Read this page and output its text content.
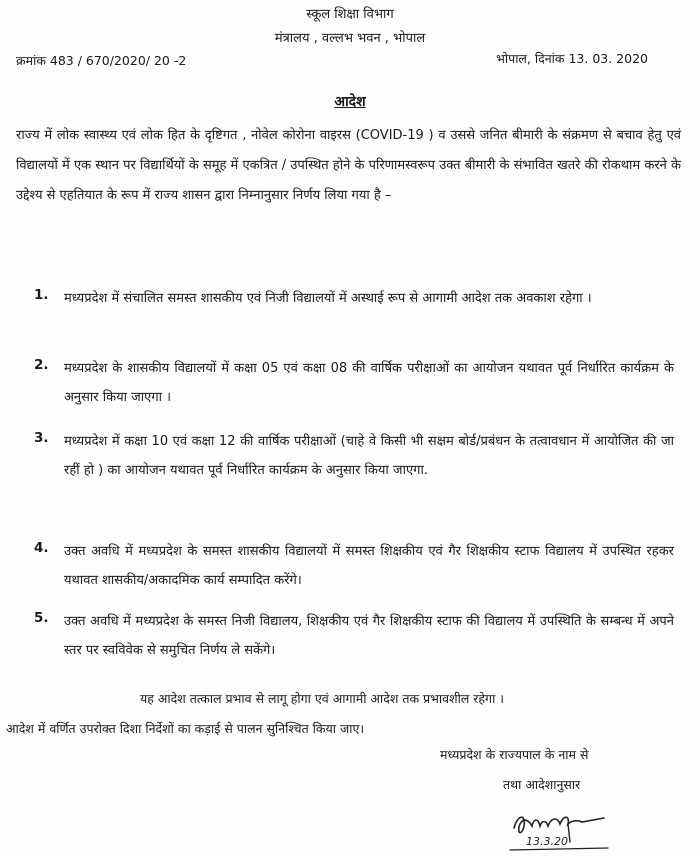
स्कूल शिक्षा विभाग
मंत्रालय , वल्लभ भवन , भोपाल
क्रमांक 483 / 670/2020/ 20 -2	भोपाल, दिनांक 13. 03. 2020
आदेश
राज्य में लोक स्वास्थ्य एवं लोक हित के दृष्टिगत , नोवेल कोरोना वाइरस (COVID-19 ) व उससे जनित बीमारी के संक्रमण से बचाव हेतु एवं विद्यालयों में एक स्थान पर विद्यार्थियों के समूह में एकत्रित / उपस्थित होने के परिणामस्वरूप उक्त बीमारी के संभावित खतरे की रोकथाम करने के उद्देश्य से एहतियात के रूप में राज्य शासन द्वारा निम्नानुसार निर्णय लिया गया है –
1. मध्यप्रदेश में संचालित समस्त शासकीय एवं निजी विद्यालयों में अस्थाई रूप से आगामी आदेश तक अवकाश रहेगा ।
2. मध्यप्रदेश के शासकीय विद्यालयों में कक्षा 05 एवं कक्षा 08 की वार्षिक परीक्षाओं का आयोजन यथावत पूर्व निर्धारित कार्यक्रम के अनुसार किया जाएगा ।
3. मध्यप्रदेश में कक्षा 10 एवं कक्षा 12 की वार्षिक परीक्षाओं (चाहे वे किसी भी सक्षम बोर्ड/प्रबंधन के तत्वावधान में आयोजित की जा रहीं हो ) का आयोजन यथावत पूर्व निर्धारित कार्यक्रम के अनुसार किया जाएगा.
4. उक्त अवधि में मध्यप्रदेश के समस्त शासकीय विद्यालयों में समस्त शिक्षकीय एवं गैर शिक्षकीय स्टाफ विद्यालय में उपस्थित रहकर यथावत शासकीय/अकादमिक कार्य सम्पादित करेंगे।
5. उक्त अवधि में मध्यप्रदेश के समस्त निजी विद्यालय, शिक्षकीय एवं गैर शिक्षकीय स्टाफ की विद्यालय में उपस्थिति के सम्बन्ध में अपने स्तर पर स्वविवेक से समुचित निर्णय ले सकेंगे।
यह आदेश तत्काल प्रभाव से लागू होगा एवं आगामी आदेश तक प्रभावशील रहेगा ।
आदेश में वर्णित उपरोक्त दिशा निर्देशों का कड़ाई से पालन सुनिश्चित किया जाए।
मध्यप्रदेश के राज्यपाल के नाम से
तथा आदेशानुसार
13.3.20
